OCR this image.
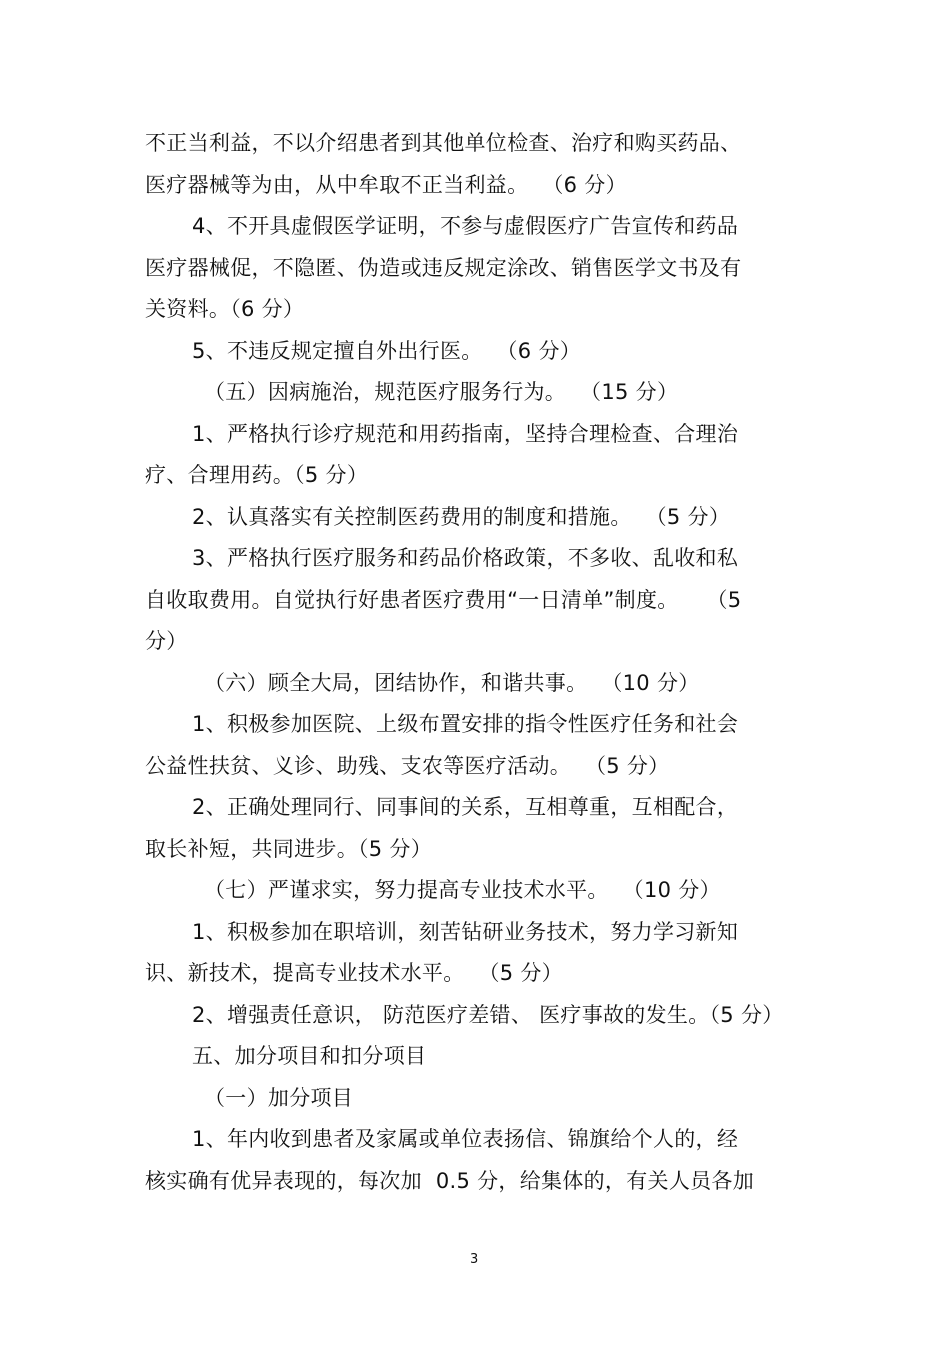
不正当利益，不以介绍患者到其他单位检查、治疗和购买药品、
医疗器械等为由，从中牟取不正当利益。  （6 分）
4、不开具虚假医学证明，不参与虚假医疗广告宣传和药品
医疗器械促，不隐匿、伪造或违反规定涂改、销售医学文书及有
关资料。（6 分）
5、不违反规定擅自外出行医。  （6 分）
（五）因病施治，规范医疗服务行为。  （15 分）
1、严格执行诊疗规范和用药指南，坚持合理检查、合理治
疗、合理用药。（5 分）
2、认真落实有关控制医药费用的制度和措施。  （5 分）
3、严格执行医疗服务和药品价格政策，不多收、乱收和私
自收取费用。自觉执行好患者医疗费用“一日清单”制度。    （5
分）
（六）顾全大局，团结协作，和谐共事。  （10 分）
1、积极参加医院、上级布置安排的指令性医疗任务和社会
公益性扶贫、义诊、助残、支农等医疗活动。  （5 分）
2、正确处理同行、同事间的关系，互相尊重，互相配合，
取长补短，共同进步。（5 分）
（七）严谨求实，努力提高专业技术水平。  （10 分）
1、积极参加在职培训，刻苦钻研业务技术，努力学习新知
识、新技术，提高专业技术水平。  （5 分）
2、增强责任意识， 防范医疗差错、 医疗事故的发生。（5 分）
五、加分项目和扣分项目
（一）加分项目
1、年内收到患者及家属或单位表扬信、锦旗给个人的，经
核实确有优异表现的，每次加  0.5 分，给集体的，有关人员各加
3
